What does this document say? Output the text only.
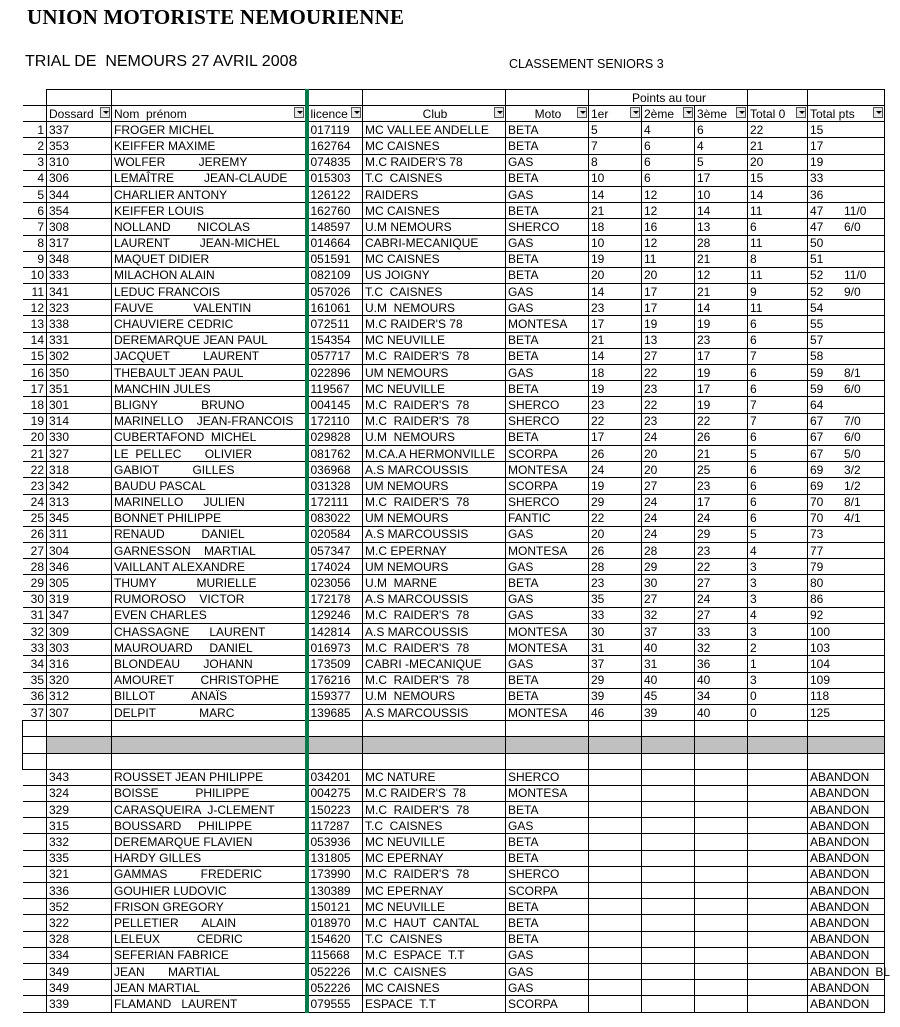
UNION MOTORISTE NEMOURIENNE
TRIAL DE  NEMOURS 27 AVRIL 2008	CLASSEMENT SENIORS 3
						Points au tour				
	Dossard	Nom  prénom	licence	Club	Moto	1er	2ème	3ème	Total 0	Total pts

1	337	FROGER MICHEL	017119	MC VALLEE ANDELLE	BETA	5	4	6	22	15
2	353	KEIFFER MAXIME	162764	MC CAISNES	BETA	7	6	4	21	17
3	310	WOLFER          JEREMY	074835	M.C RAIDER'S 78	GAS	8	6	5	20	19
4	306	LEMAÎTRE         JEAN-CLAUDE	015303	T.C  CAISNES	BETA	10	6	17	15	33
5	344	CHARLIER ANTONY	126122	RAIDERS	GAS	14	12	10	14	36
6	354	KEIFFER LOUIS	162760	MC CAISNES	BETA	21	12	14	11	47 11/0
7	308	NOLLAND        NICOLAS	148597	U.M NEMOURS	SHERCO	18	16	13	6	47 6/0
8	317	LAURENT         JEAN-MICHEL	014664	CABRI-MECANIQUE	GAS	10	12	28	11	50
9	348	MAQUET DIDIER	051591	MC CAISNES	BETA	19	11	21	8	51
10	333	MILACHON ALAIN	082109	US JOIGNY	BETA	20	20	12	11	52 11/0
11	341	LEDUC FRANCOIS	057026	T.C  CAISNES	GAS	14	17	21	9	52 9/0
12	323	FAUVE            VALENTIN	161061	U.M  NEMOURS	GAS	23	17	14	11	54
13	338	CHAUVIERE CEDRIC	072511	M.C RAIDER'S 78	MONTESA	17	19	19	6	55
14	331	DEREMARQUE JEAN PAUL	154354	MC NEUVILLE	BETA	21	13	23	6	57
15	302	JACQUET          LAURENT	057717	M.C  RAIDER'S  78	BETA	14	27	17	7	58
16	350	THEBAULT JEAN PAUL	022896	UM NEMOURS	GAS	18	22	19	6	59 8/1
17	351	MANCHIN JULES	119567	MC NEUVILLE	BETA	19	23	17	6	59 6/0
18	301	BLIGNY             BRUNO	004145	M.C  RAIDER'S  78	SHERCO	23	22	19	7	64
19	314	MARINELLO    JEAN-FRANCOIS	172110	M.C  RAIDER'S  78	SHERCO	22	23	22	7	67 7/0
20	330	CUBERTAFOND  MICHEL	029828	U.M  NEMOURS	BETA	17	24	26	6	67 6/0
21	327	LE  PELLEC       OLIVIER	081762	M.CA.A HERMONVILLE	SCORPA	26	20	21	5	67 5/0
22	318	GABIOT          GILLES	036968	A.S MARCOUSSIS	MONTESA	24	20	25	6	69 3/2
23	342	BAUDU PASCAL	031328	UM NEMOURS	SCORPA	19	27	23	6	69 1/2
24	313	MARINELLO      JULIEN	172111	M.C  RAIDER'S  78	SHERCO	29	24	17	6	70 8/1
25	345	BONNET PHILIPPE	083022	UM NEMOURS	FANTIC	22	24	24	6	70 4/1
26	311	RENAUD           DANIEL	020584	A.S MARCOUSSIS	GAS	20	24	29	5	73
27	304	GARNESSON    MARTIAL	057347	M.C EPERNAY	MONTESA	26	28	23	4	77
28	346	VAILLANT ALEXANDRE	174024	UM NEMOURS	GAS	28	29	22	3	79
29	305	THUMY            MURIELLE	023056	U.M  MARNE	BETA	23	30	27	3	80
30	319	RUMOROSO    VICTOR	172178	A.S MARCOUSSIS	GAS	35	27	24	3	86
31	347	EVEN CHARLES	129246	M.C  RAIDER'S  78	GAS	33	32	27	4	92
32	309	CHASSAGNE      LAURENT	142814	A.S MARCOUSSIS	MONTESA	30	37	33	3	100
33	303	MAUROUARD     DANIEL	016973	M.C  RAIDER'S  78	MONTESA	31	40	32	2	103
34	316	BLONDEAU       JOHANN	173509	CABRI -MECANIQUE	GAS	37	31	36	1	104
35	320	AMOURET        CHRISTOPHE	176216	M.C  RAIDER'S  78	BETA	29	40	40	3	109
36	312	BILLOT           ANAÏS	159377	U.M  NEMOURS	BETA	39	45	34	0	118
37	307	DELPIT             MARC	139685	A.S MARCOUSSIS	MONTESA	46	39	40	0	125

	343	ROUSSET JEAN PHILIPPE	034201	MC NATURE	SHERCO					ABANDON
	324	BOISSE           PHILIPPE	004275	M.C RAIDER'S  78	MONTESA					ABANDON
	329	CARASQUEIRA  J-CLEMENT	150223	M.C  RAIDER'S  78	BETA					ABANDON
	315	BOUSSARD     PHILIPPE	117287	T.C  CAISNES	GAS					ABANDON
	332	DEREMARQUE FLAVIEN	053936	MC NEUVILLE	BETA					ABANDON
	335	HARDY GILLES	131805	MC EPERNAY	BETA					ABANDON
	321	GAMMAS          FREDERIC	173990	M.C  RAIDER'S  78	SHERCO					ABANDON
	336	GOUHIER LUDOVIC	130389	MC EPERNAY	SCORPA					ABANDON
	352	FRISON GREGORY	150121	MC NEUVILLE	BETA					ABANDON
	322	PELLETIER       ALAIN	018970	M.C  HAUT  CANTAL	BETA					ABANDON
	328	LELEUX           CEDRIC	154620	T.C  CAISNES	BETA					ABANDON
	334	SEFERIAN FABRICE	115668	M.C  ESPACE  T.T	GAS					ABANDON
	349	JEAN       MARTIAL	052226	M.C  CAISNES	GAS					ABANDON BL
	349	JEAN MARTIAL	052226	MC CAISNES	GAS					ABANDON
	339	FLAMAND   LAURENT	079555	ESPACE  T.T	SCORPA					ABANDON
